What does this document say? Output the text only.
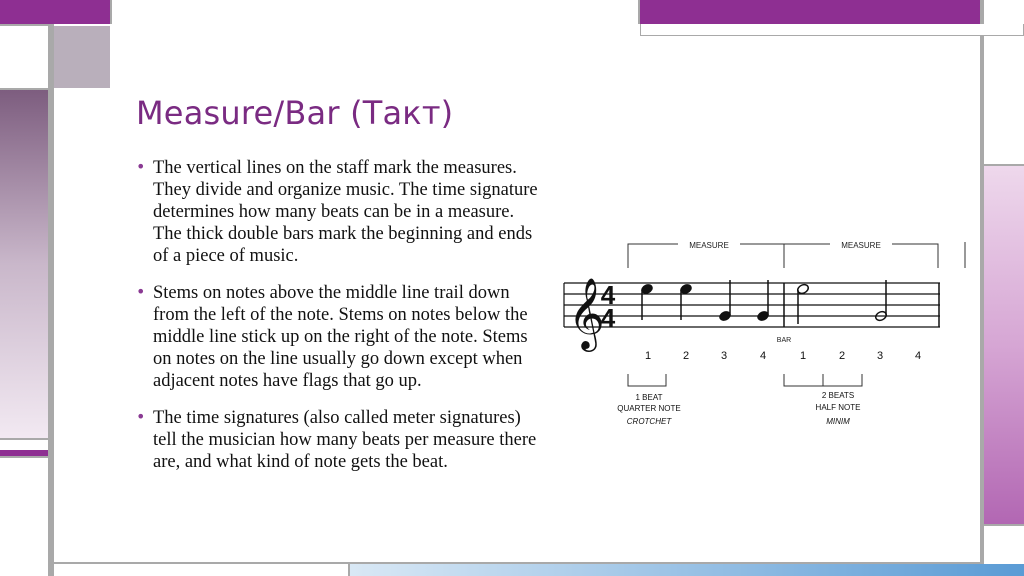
Measure/Bar (Такт)
• The vertical lines on the staff mark the measures. They divide and organize music. The time signature determines how many beats can be in a measure. The thick double bars mark the beginning and ends of a piece of music.
• Stems on notes above the middle line trail down from the left of the note. Stems on notes below the middle line stick up on the right of the note. Stems on notes on the line usually go down except when adjacent notes have flags that go up.
• The time signatures (also called meter signatures) tell the musician how many beats per measure there are, and what kind of note gets the beat.
MEASURE	MEASURE
𝄞
4
4
BAR
1	2	3	4	1	2	3	4
1 BEAT
QUARTER NOTE
CROTCHET
2 BEATS
HALF NOTE
MINIM
